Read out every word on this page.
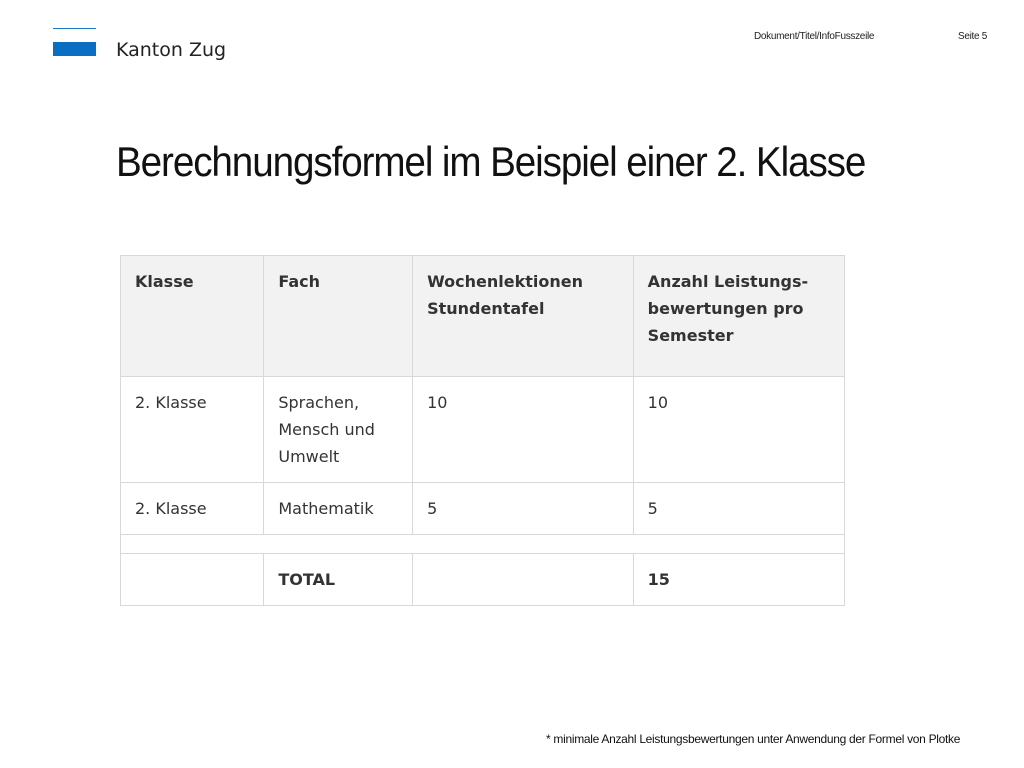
Kanton Zug
Dokument/Titel/InfoFusszeile	Seite 5
Berechnungsformel im Beispiel einer 2. Klasse
Klasse	Fach	Wochenlektionen Stundentafel	Anzahl Leistungs-bewertungen pro Semester
2. Klasse	Sprachen, Mensch und Umwelt	10	10
2. Klasse	Mathematik	5	5

	TOTAL		15
* minimale Anzahl Leistungsbewertungen unter Anwendung der Formel von Plotke
